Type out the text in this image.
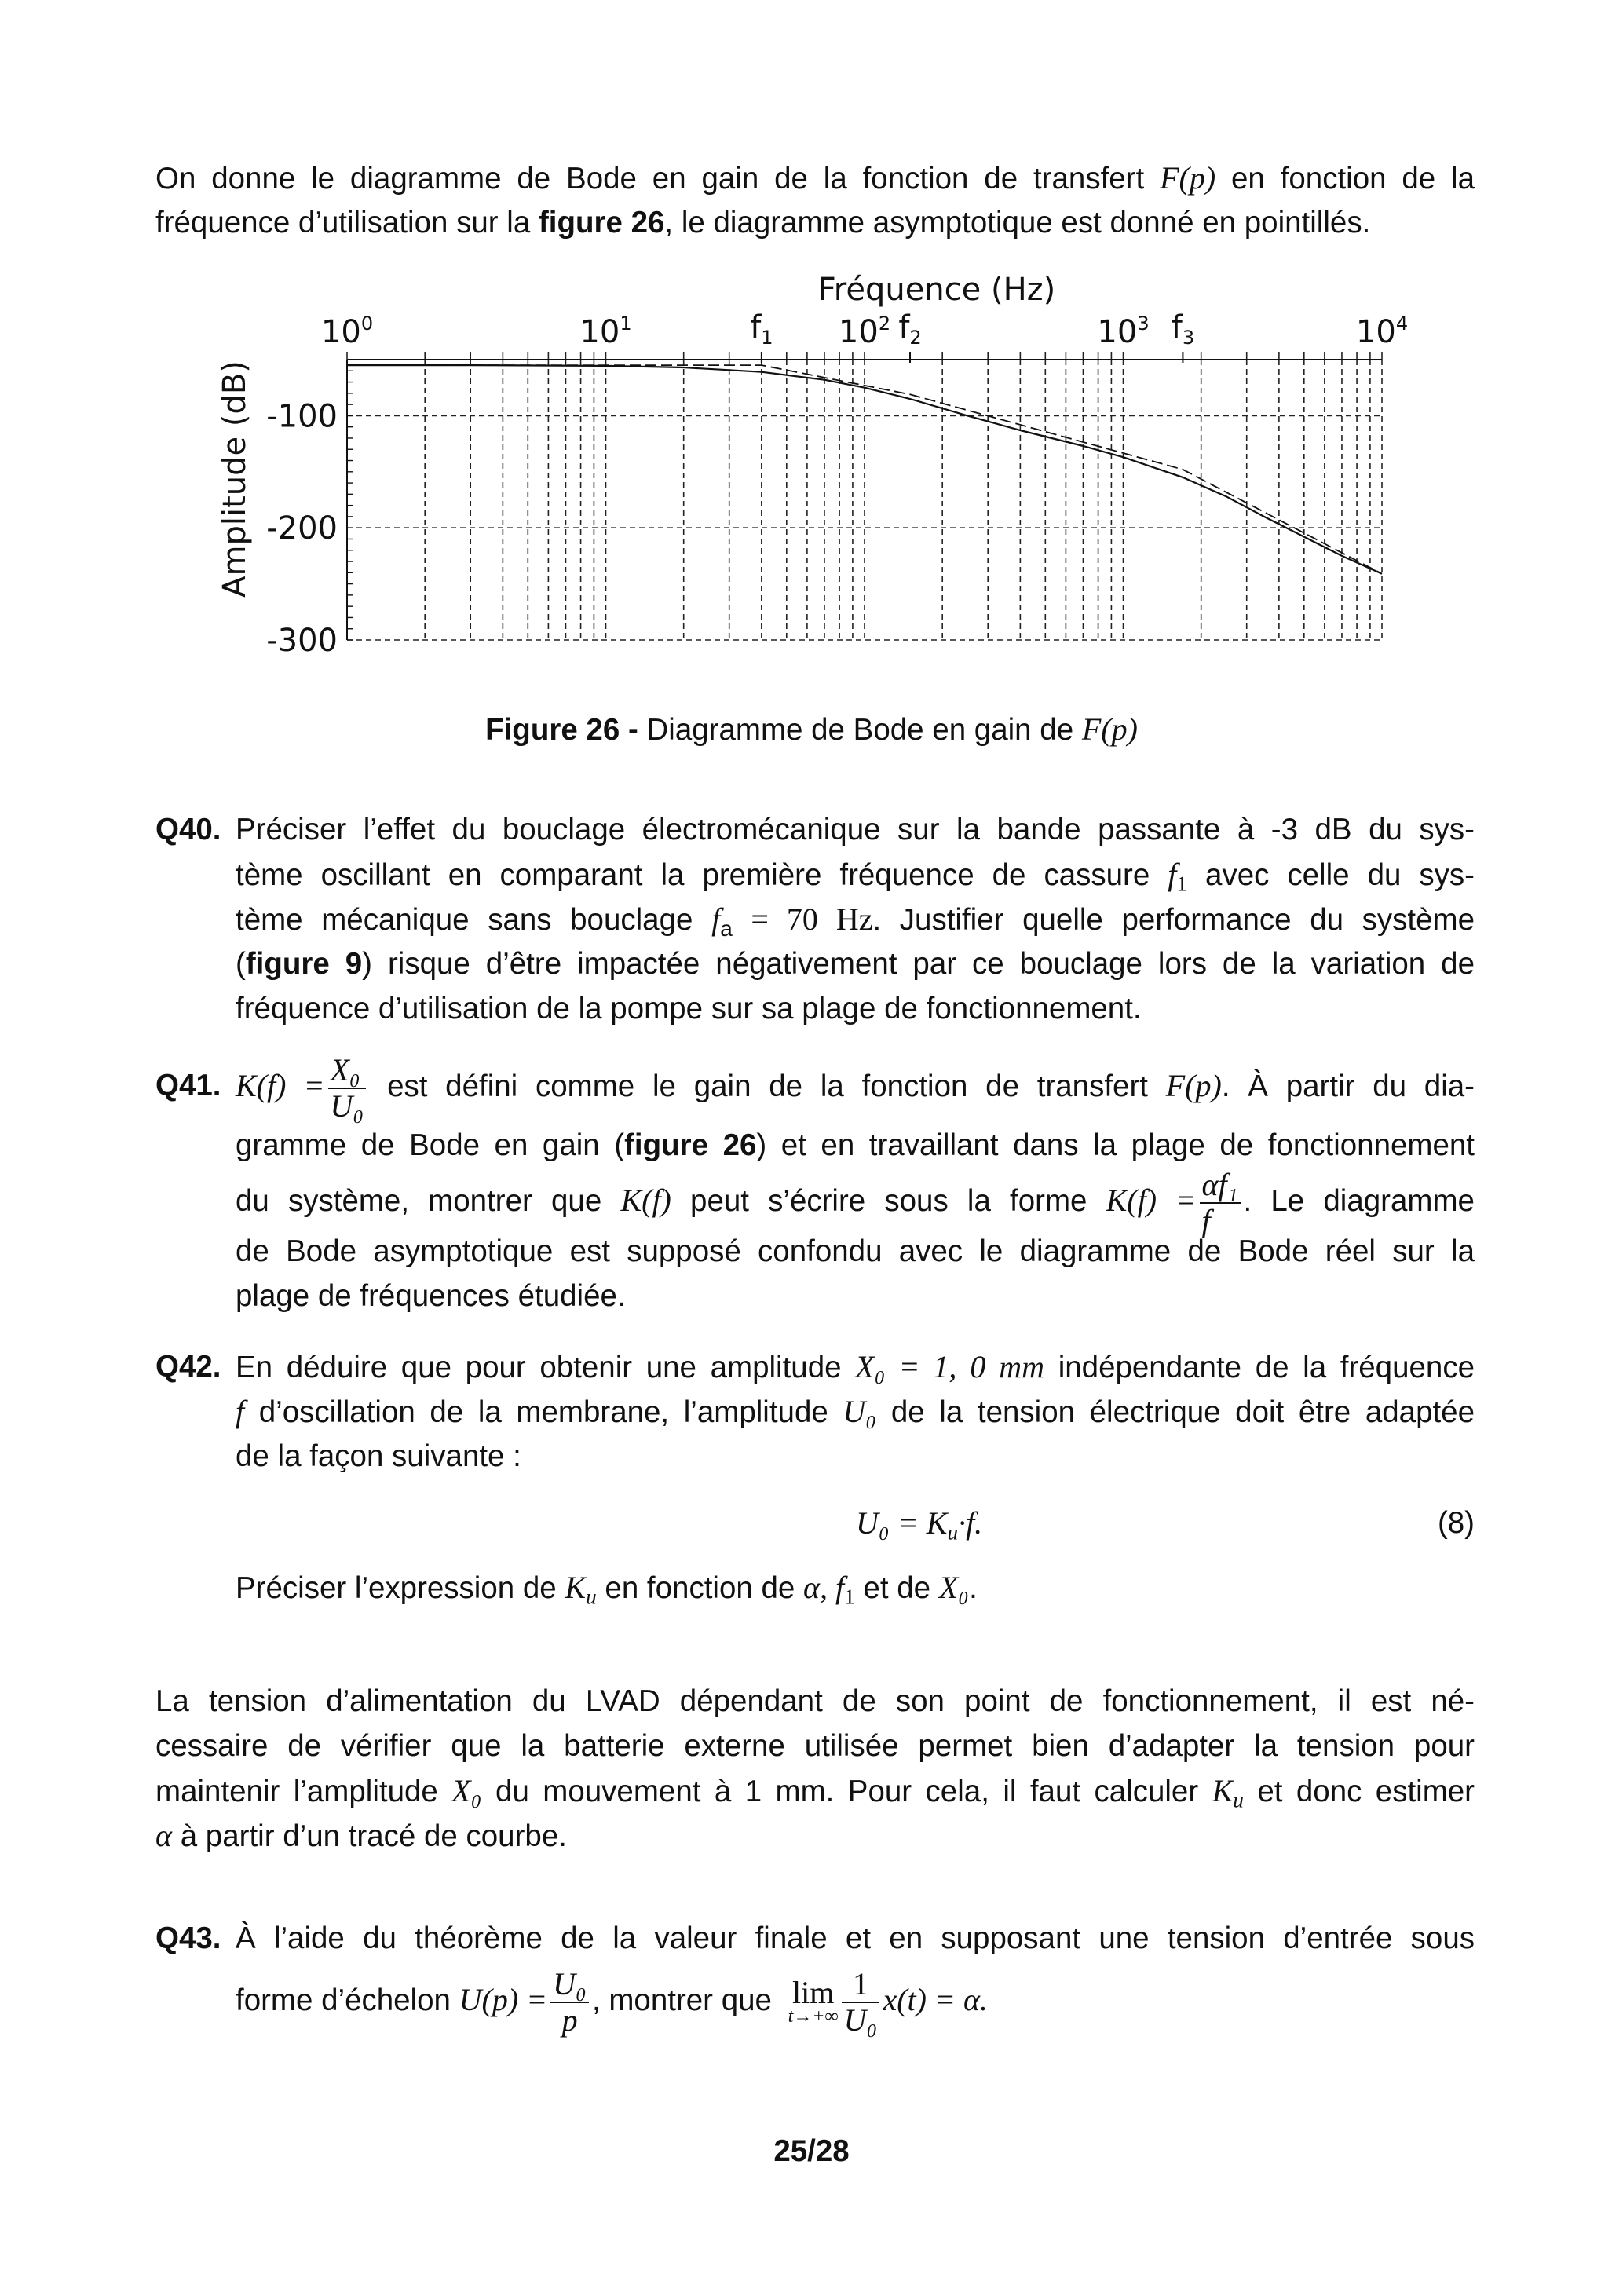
On donne le diagramme de Bode en gain de la fonction de transfert F(p) en fonction de la
fréquence d’utilisation sur la figure 26, le diagramme asymptotique est donné en pointillés.
Fréquence (Hz)
Amplitude (dB)
$10^0$	$10^1$	$10^2$	$10^3$	$10^4$
-100
-200
-300
$f_1$	$f_2$	$f_3$
Figure 26 - Diagramme de Bode en gain de F(p)
Q40. Préciser l’effet du bouclage électromécanique sur la bande passante à -3 dB du sys-
tème oscillant en comparant la première fréquence de cassure $f_1$ avec celle du sys-
tème mécanique sans bouclage $f_a = 70$ Hz. Justifier quelle performance du système
(figure 9) risque d’être impactée négativement par ce bouclage lors de la variation de
fréquence d’utilisation de la pompe sur sa plage de fonctionnement.
Q41. $K(f) = \frac{\text{X₀}}{\text{U₀}}$ est défini comme le gain de la fonction de transfert F(p). À partir du dia-
gramme de Bode en gain (figure 26) et en travaillant dans la plage de fonctionnement
du système, montrer que K(f) peut s’écrire sous la forme $K(f) = \frac{\text{αf₁}}{f}$ . Le diagramme
de Bode asymptotique est supposé confondu avec le diagramme de Bode réel sur la
plage de fréquences étudiée.
Q42. En déduire que pour obtenir une amplitude X₀ = 1, 0 mm indépendante de la fréquence
f d’oscillation de la membrane, l’amplitude U₀ de la tension électrique doit être adaptée
de la façon suivante :
U₀ = Ku·f.	(8)
Préciser l’expression de Ku en fonction de α, $f_1$ et de X₀.
La tension d’alimentation du LVAD dépendant de son point de fonctionnement, il est né-
cessaire de vérifier que la batterie externe utilisée permet bien d’adapter la tension pour
maintenir l’amplitude X₀ du mouvement à 1 mm. Pour cela, il faut calculer Ku et donc estimer
α à partir d’un tracé de courbe.
Q43. À l’aide du théorème de la valeur finale et en supposant une tension d’entrée sous
forme d’échelon $U(p) = \frac{\text{U₀}}{p}$ , montrer que lim
$t\to+\infty \frac{1}{\text{U₀}} x(t) = \alpha$.
25/28
